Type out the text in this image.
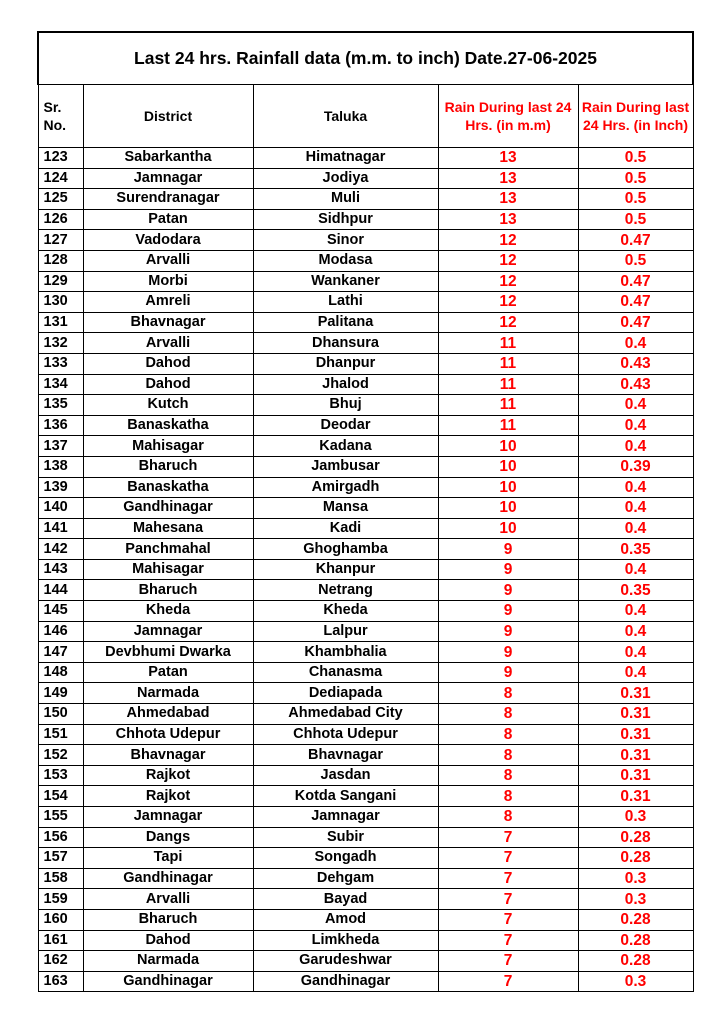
Last 24 hrs. Rainfall data (m.m. to inch) Date.27-06-2025				
Sr. No.	District	Taluka	Rain During last 24 Hrs. (in m.m)	Rain During last 24 Hrs. (in Inch)
123	Sabarkantha	Himatnagar	13	0.5
124	Jamnagar	Jodiya	13	0.5
125	Surendranagar	Muli	13	0.5
126	Patan	Sidhpur	13	0.5
127	Vadodara	Sinor	12	0.47
128	Arvalli	Modasa	12	0.5
129	Morbi	Wankaner	12	0.47
130	Amreli	Lathi	12	0.47
131	Bhavnagar	Palitana	12	0.47
132	Arvalli	Dhansura	11	0.4
133	Dahod	Dhanpur	11	0.43
134	Dahod	Jhalod	11	0.43
135	Kutch	Bhuj	11	0.4
136	Banaskatha	Deodar	11	0.4
137	Mahisagar	Kadana	10	0.4
138	Bharuch	Jambusar	10	0.39
139	Banaskatha	Amirgadh	10	0.4
140	Gandhinagar	Mansa	10	0.4
141	Mahesana	Kadi	10	0.4
142	Panchmahal	Ghoghamba	9	0.35
143	Mahisagar	Khanpur	9	0.4
144	Bharuch	Netrang	9	0.35
145	Kheda	Kheda	9	0.4
146	Jamnagar	Lalpur	9	0.4
147	Devbhumi Dwarka	Khambhalia	9	0.4
148	Patan	Chanasma	9	0.4
149	Narmada	Dediapada	8	0.31
150	Ahmedabad	Ahmedabad City	8	0.31
151	Chhota Udepur	Chhota Udepur	8	0.31
152	Bhavnagar	Bhavnagar	8	0.31
153	Rajkot	Jasdan	8	0.31
154	Rajkot	Kotda Sangani	8	0.31
155	Jamnagar	Jamnagar	8	0.3
156	Dangs	Subir	7	0.28
157	Tapi	Songadh	7	0.28
158	Gandhinagar	Dehgam	7	0.3
159	Arvalli	Bayad	7	0.3
160	Bharuch	Amod	7	0.28
161	Dahod	Limkheda	7	0.28
162	Narmada	Garudeshwar	7	0.28
163	Gandhinagar	Gandhinagar	7	0.3
